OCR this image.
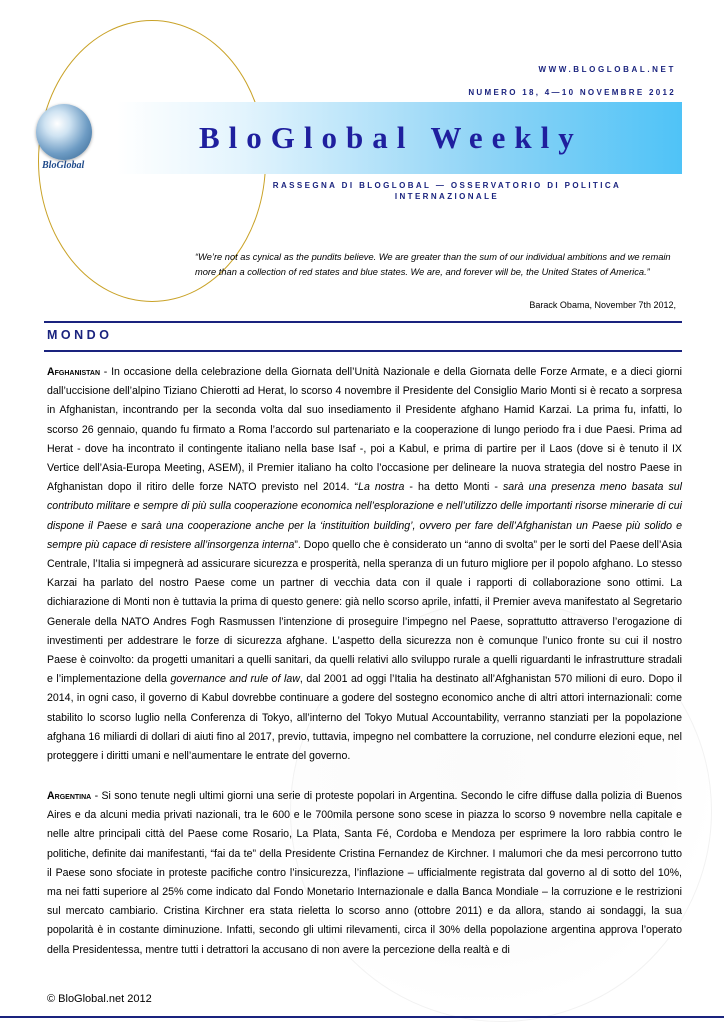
BloGlobal
WWW.BLOGLOBAL.NET
NUMERO 18, 4—10 NOVEMBRE 2012
BloGlobal Weekly
RASSEGNA DI BLOGLOBAL — OSSERVATORIO DI POLITICA INTERNAZIONALE
“We’re not as cynical as the pundits believe. We are greater than the sum of our individual ambitions and we remain more than a collection of red states and blue states. We are, and forever will be, the United States of America.”
Barack Obama, November 7th 2012,
MONDO

Afghanistan - In occasione della celebrazione della Giornata dell’Unità Nazionale e della Giornata delle Forze Armate, e a dieci giorni dall’uccisione dell’alpino Tiziano Chierotti ad Herat, lo scorso 4 novembre il Presidente del Consiglio Mario Monti si è recato a sorpresa in Afghanistan, incontrando per la seconda volta dal suo insediamento il Presidente afghano Hamid Karzai. La prima fu, infatti, lo scorso 26 gennaio, quando fu firmato a Roma l’accordo sul partenariato e la cooperazione di lungo periodo fra i due Paesi. Prima ad Herat - dove ha incontrato il contingente italiano nella base Isaf -, poi a Kabul, e prima di partire per il Laos (dove si è tenuto il IX Vertice dell’Asia-Europa Meeting, ASEM), il Premier italiano ha colto l’occasione per delineare la nuova strategia del nostro Paese in Afghanistan dopo il ritiro delle forze NATO previsto nel 2014. “La nostra - ha detto Monti - sarà una presenza meno basata sul contributo militare e sempre di più sulla cooperazione economica nell’esplorazione e nell’utilizzo delle importanti risorse minerarie di cui dispone il Paese e sarà una cooperazione anche per la ‘instituition building’, ovvero per fare dell’Afghanistan un Paese più solido e sempre più capace di resistere all’insorgenza interna”. Dopo quello che è considerato un “anno di svolta” per le sorti del Paese dell’Asia Centrale, l’Italia si impegnerà ad assicurare sicurezza e prosperità, nella speranza di un futuro migliore per il popolo afghano. Lo stesso Karzai ha parlato del nostro Paese come un partner di vecchia data con il quale i rapporti di collaborazione sono ottimi. La dichiarazione di Monti non è tuttavia la prima di questo genere: già nello scorso aprile, infatti, il Premier aveva manifestato al Segretario Generale della NATO Andres Fogh Rasmussen l’intenzione di proseguire l’impegno nel Paese, soprattutto attraverso l’erogazione di investimenti per addestrare le forze di sicurezza afghane. L’aspetto della sicurezza non è comunque l’unico fronte su cui il nostro Paese è coinvolto: da progetti umanitari a quelli sanitari, da quelli relativi allo sviluppo rurale a quelli riguardanti le infrastrutture stradali e l’implementazione della governance and rule of law, dal 2001 ad oggi l’Italia ha destinato all’Afghanistan 570 milioni di euro. Dopo il 2014, in ogni caso, il governo di Kabul dovrebbe continuare a godere del sostegno economico anche di altri attori internazionali: come stabilito lo scorso luglio nella Conferenza di Tokyo, all’interno del Tokyo Mutual Accountability, verranno stanziati per la popolazione afghana 16 miliardi di dollari di aiuti fino al 2017, previo, tuttavia, impegno nel combattere la corruzione, nel condurre elezioni eque, nel proteggere i diritti umani e nell’aumentare le entrate del governo.

Argentina - Si sono tenute negli ultimi giorni una serie di proteste popolari in Argentina. Secondo le cifre diffuse dalla polizia di Buenos Aires e da alcuni media privati nazionali, tra le 600 e le 700mila persone sono scese in piazza lo scorso 9 novembre nella capitale e nelle altre principali città del Paese come Rosario, La Plata, Santa Fé, Cordoba e Mendoza per esprimere la loro rabbia contro le politiche, definite dai manifestanti, “fai da te” della Presidente Cristina Fernandez de Kirchner. I malumori che da mesi percorrono tutto il Paese sono sfociate in proteste pacifiche contro l’insicurezza, l’inflazione – ufficialmente registrata dal governo al di sotto del 10%, ma nei fatti superiore al 25% come indicato dal Fondo Monetario Internazionale e dalla Banca Mondiale – la corruzione e le restrizioni sul mercato cambiario. Cristina Kirchner era stata rieletta lo scorso anno (ottobre 2011) e da allora, stando ai sondaggi, la sua popolarità è in costante diminuzione. Infatti, secondo gli ultimi rilevamenti, circa il 30% della popolazione argentina approva l’operato della Presidentessa, mentre tutti i detrattori la accusano di non avere la percezione della realtà e di

© BloGlobal.net 2012
